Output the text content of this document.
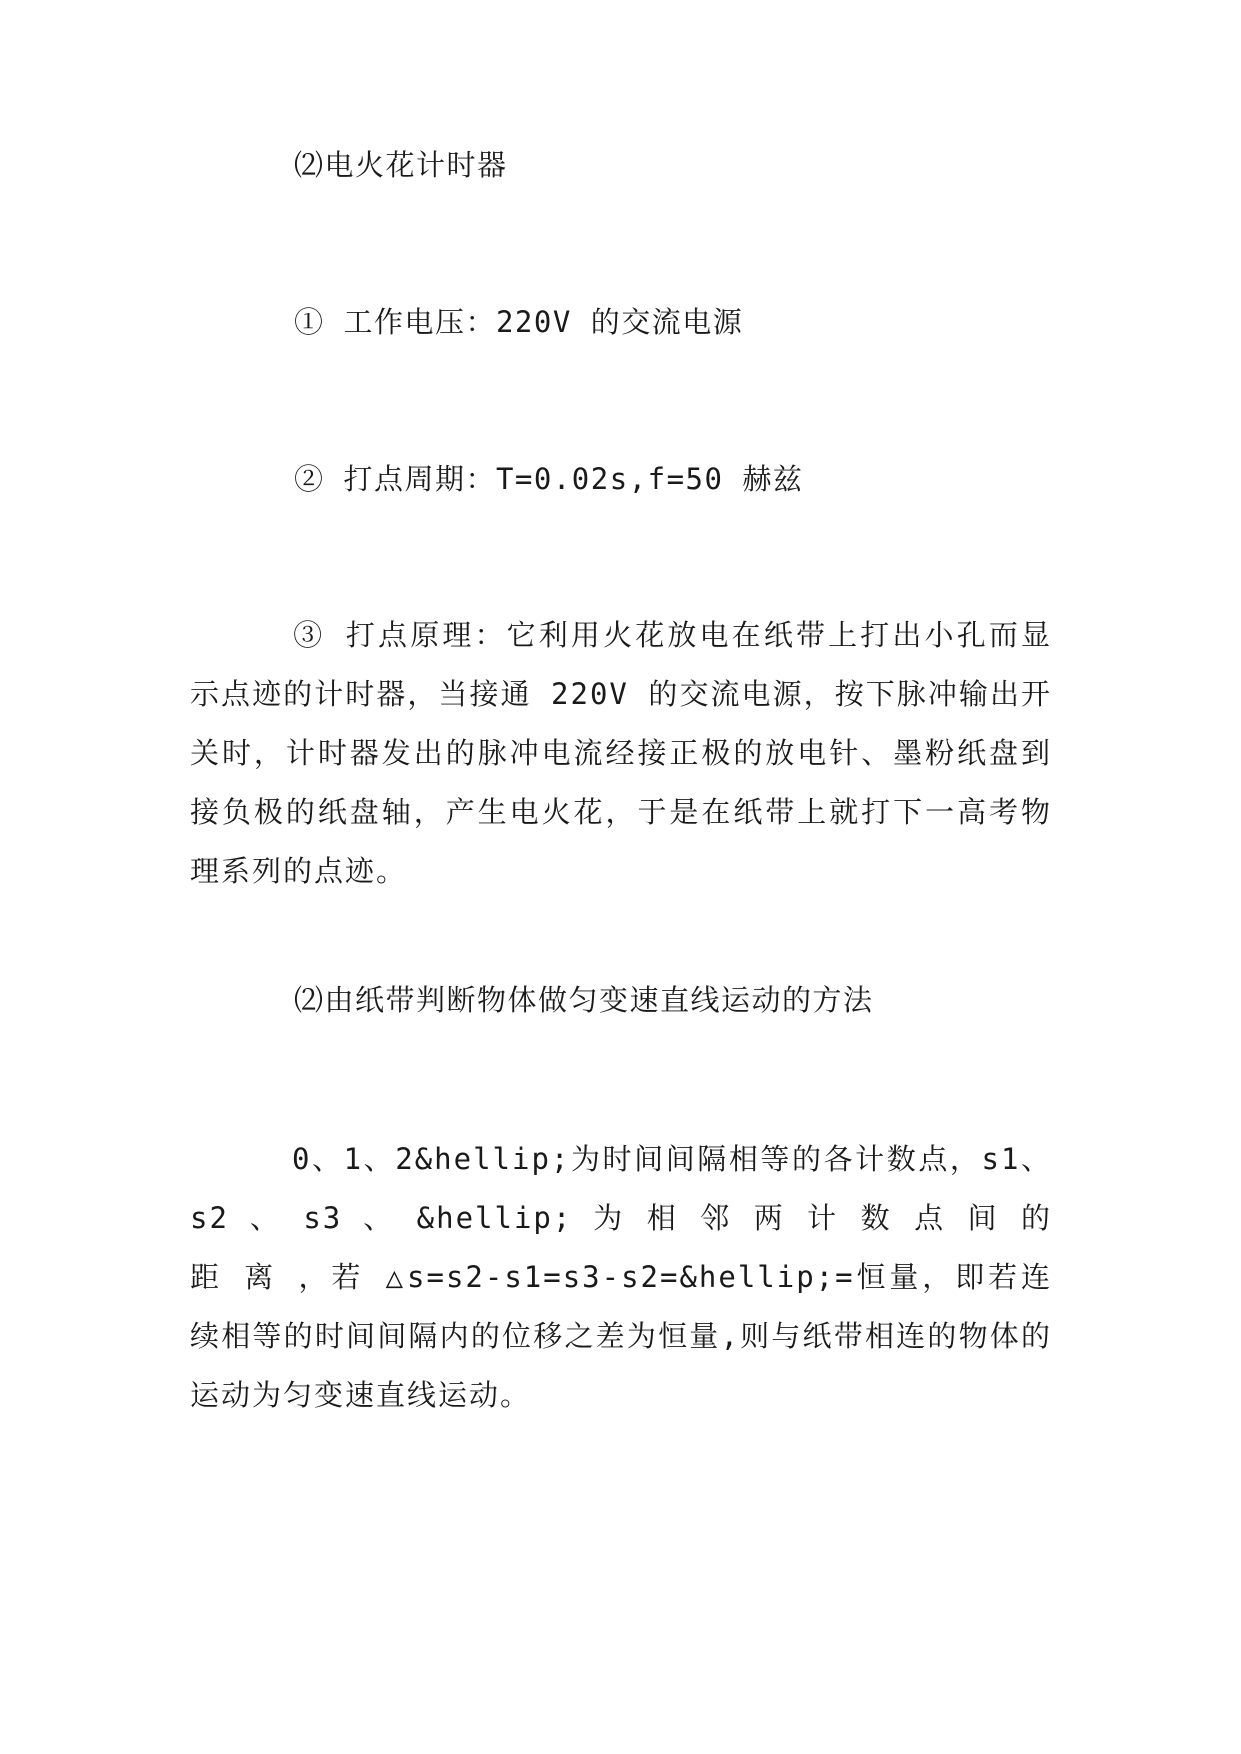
⑵电火花计时器
① 工作电压：220V 的交流电源
② 打点周期：T=0.02s,f=50 赫兹
③ 打点原理：它利用火花放电在纸带上打出小孔而显示点迹的计时器，当接通 220V 的交流电源，按下脉冲输出开关时，计时器发出的脉冲电流经接正极的放电针、墨粉纸盘到接负极的纸盘轴，产生电火花，于是在纸带上就打下一高考物理系列的点迹。
⑵由纸带判断物体做匀变速直线运动的方法
0、1、2&hellip;为时间间隔相等的各计数点，s1、s2 、 s3 、 &hellip; 为 相 邻 两 计 数 点 间 的 距 离 ，若 △s=s2-s1=s3-s2=&hellip;=恒量，即若连续相等的时间间隔内的位移之差为恒量,则与纸带相连的物体的运动为匀变速直线运动。
